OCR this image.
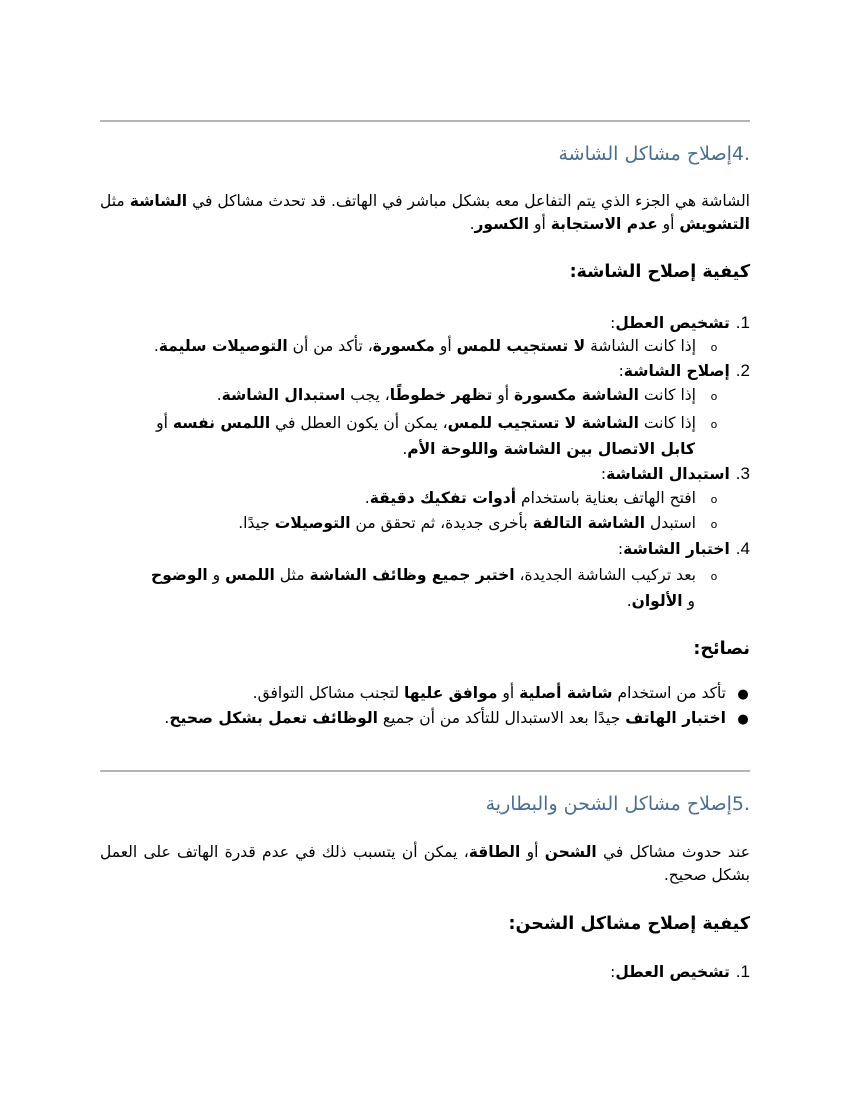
.4إصلاح مشاكل الشاشة
الشاشة هي الجزء الذي يتم التفاعل معه بشكل مباشر في الهاتف. قد تحدث مشاكل في الشاشة مثل التشويش أو عدم الاستجابة أو الكسور.
كيفية إصلاح الشاشة:
1.تشخيص العطل:
oإذا كانت الشاشة لا تستجيب للمس أو مكسورة، تأكد من أن التوصيلات سليمة.
2.إصلاح الشاشة:
oإذا كانت الشاشة مكسورة أو تظهر خطوطًا، يجب استبدال الشاشة.
oإذا كانت الشاشة لا تستجيب للمس، يمكن أن يكون العطل في اللمس نفسه أو
كابل الاتصال بين الشاشة واللوحة الأم.
3.استبدال الشاشة:
oافتح الهاتف بعناية باستخدام أدوات تفكيك دقيقة.
oاستبدل الشاشة التالفة بأخرى جديدة، ثم تحقق من التوصيلات جيدًا.
4.اختبار الشاشة:
oبعد تركيب الشاشة الجديدة، اختبر جميع وظائف الشاشة مثل اللمس و الوضوح
و الألوان.
نصائح:
●تأكد من استخدام شاشة أصلية أو موافق عليها لتجنب مشاكل التوافق.
●اختبار الهاتف جيدًا بعد الاستبدال للتأكد من أن جميع الوظائف تعمل بشكل صحيح.
.5إصلاح مشاكل الشحن والبطارية
عند حدوث مشاكل في الشحن أو الطاقة، يمكن أن يتسبب ذلك في عدم قدرة الهاتف على العمل بشكل صحيح.
كيفية إصلاح مشاكل الشحن:
1.تشخيص العطل:
